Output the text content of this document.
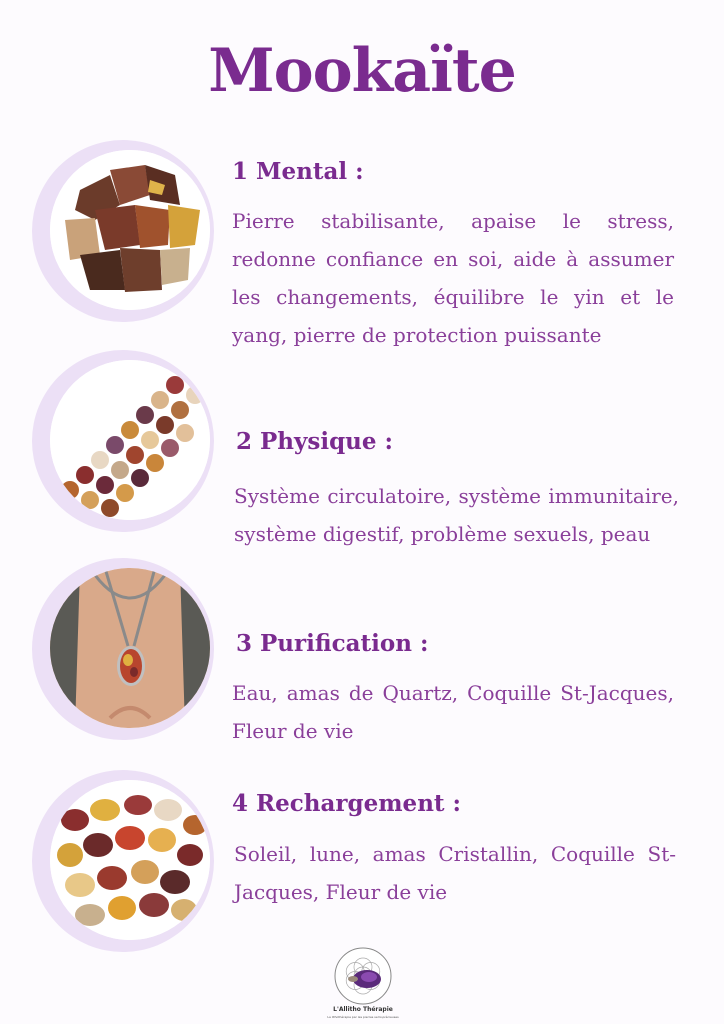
Mookaïte
1 Mental :
Pierre stabilisante, apaise le stress, redonne confiance en soi, aide à assumer les changements, équilibre le yin et le yang, pierre de protection puissante
2 Physique :
Système circulatoire, système immunitaire, système digestif, problème sexuels, peau
3 Purification :
Eau, amas de Quartz, Coquille St-Jacques, Fleur de vie
4 Rechargement :
Soleil, lune, amas Cristallin, Coquille St-Jacques, Fleur de vie
L'Allitho Thérapie
La lithothérapie par les pierres semi-précieuses
